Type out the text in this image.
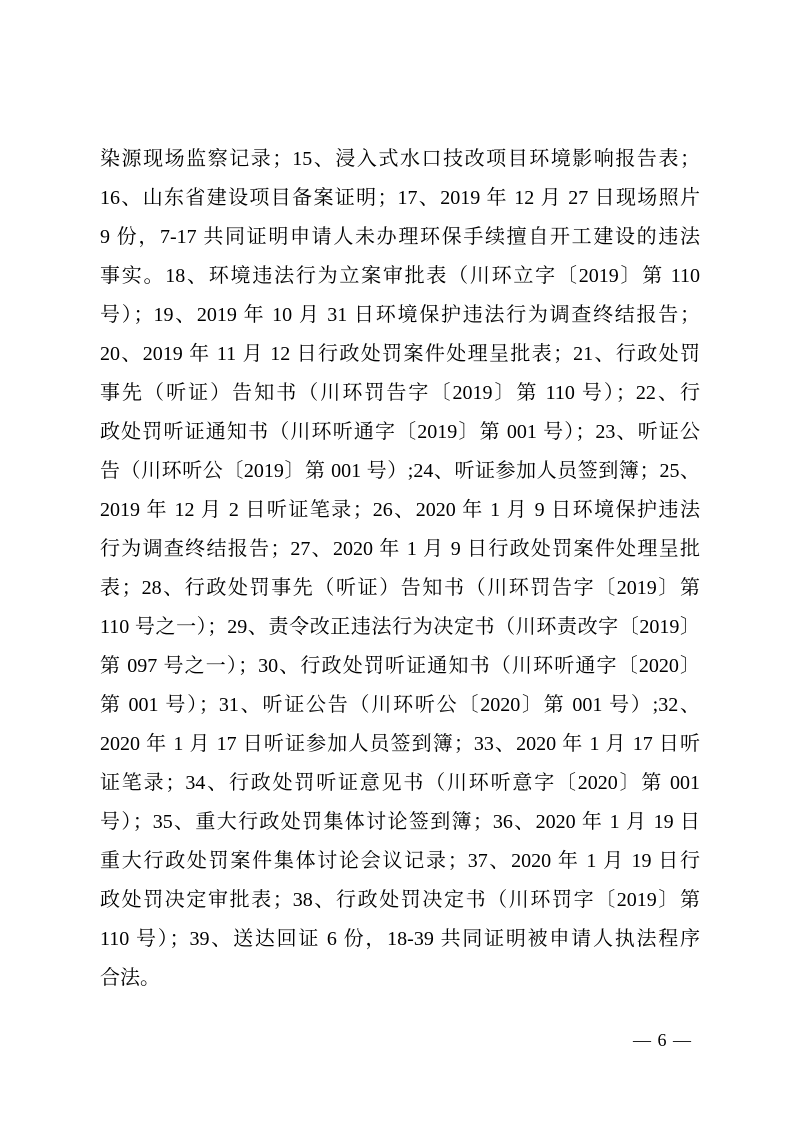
染源现场监察记录；15、浸入式水口技改项目环境影响报告表；
16、山东省建设项目备案证明；17、2019 年 12 月 27 日现场照片
9 份，7-17 共同证明申请人未办理环保手续擅自开工建设的违法
事实。18、环境违法行为立案审批表（川环立字〔2019〕第 110
号）；19、2019 年 10 月 31 日环境保护违法行为调查终结报告；
20、2019 年 11 月 12 日行政处罚案件处理呈批表；21、行政处罚
事先（听证）告知书（川环罚告字〔2019〕第 110 号）；22、行
政处罚听证通知书（川环听通字〔2019〕第 001 号）；23、听证公
告（川环听公〔2019〕第 001 号）;24、听证参加人员签到簿；25、
2019 年 12 月 2 日听证笔录；26、2020 年 1 月 9 日环境保护违法
行为调查终结报告；27、2020 年 1 月 9 日行政处罚案件处理呈批
表；28、行政处罚事先（听证）告知书（川环罚告字〔2019〕第
110 号之一）；29、责令改正违法行为决定书（川环责改字〔2019〕
第 097 号之一）；30、行政处罚听证通知书（川环听通字〔2020〕
第 001 号）；31、听证公告（川环听公〔2020〕第 001 号）;32、
2020 年 1 月 17 日听证参加人员签到簿；33、2020 年 1 月 17 日听
证笔录；34、行政处罚听证意见书（川环听意字〔2020〕第 001
号）；35、重大行政处罚集体讨论签到簿；36、2020 年 1 月 19 日
重大行政处罚案件集体讨论会议记录；37、2020 年 1 月 19 日行
政处罚决定审批表；38、行政处罚决定书（川环罚字〔2019〕第
110 号）；39、送达回证 6 份，18-39 共同证明被申请人执法程序
合法。
— 6 —
